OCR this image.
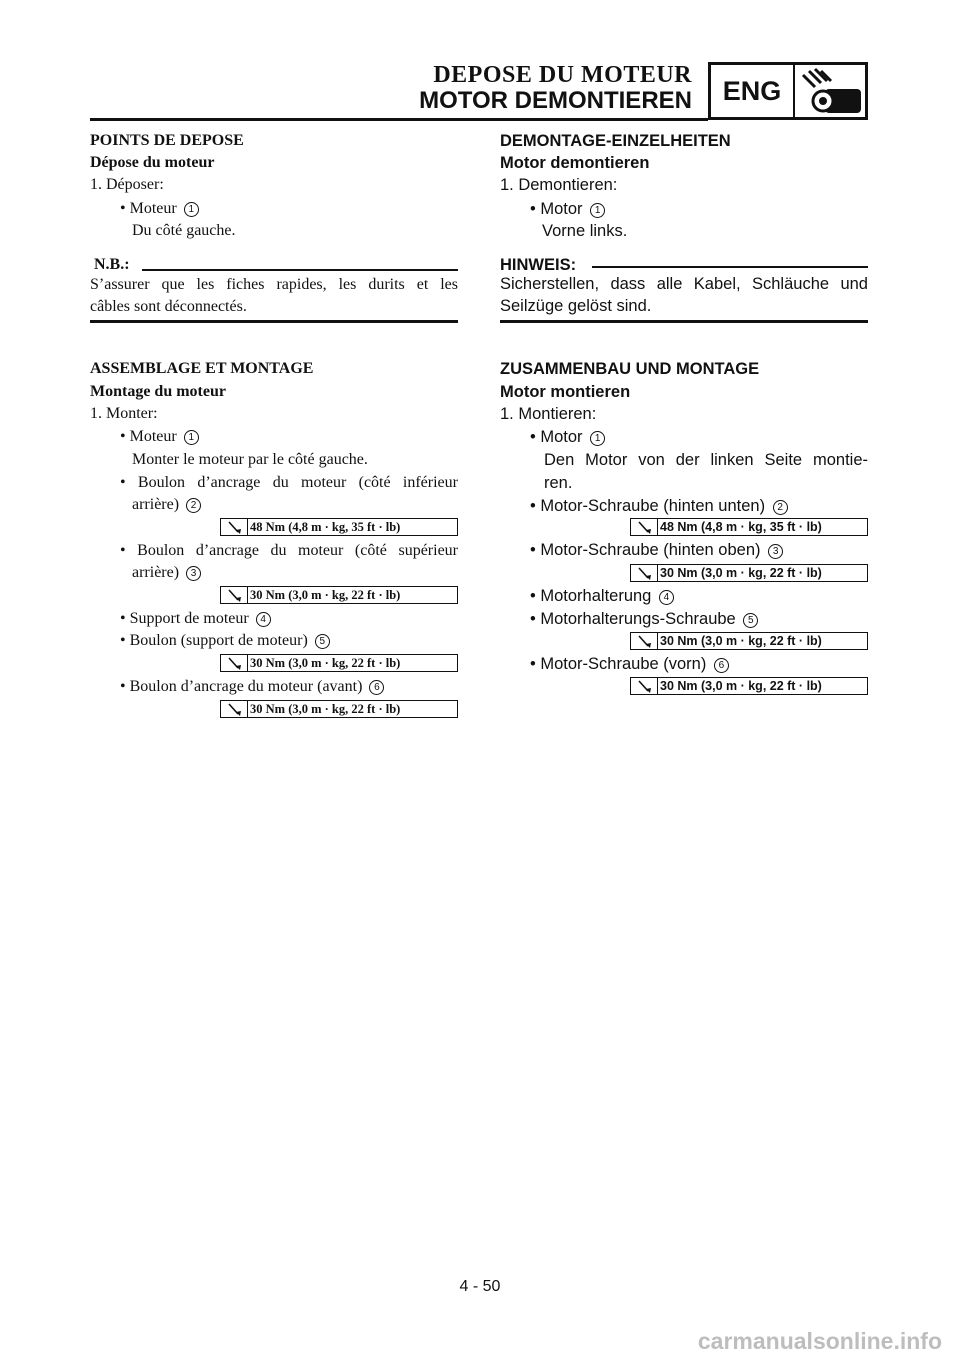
DEPOSE DU MOTEUR
MOTOR DEMONTIEREN	ENG
POINTS DE DEPOSE
Dépose du moteur
1. Déposer:
• Moteur 1
Du côté gauche.
N.B.:
S’assurer que les fiches rapides, les durits et les
câbles sont déconnectés.
ASSEMBLAGE ET MONTAGE
Montage du moteur
1. Monter:
• Moteur 1
Monter le moteur par le côté gauche.
• Boulon d’ancrage du moteur (côté inférieur
arrière) 2
48 Nm (4,8 m · kg, 35 ft · lb)
• Boulon d’ancrage du moteur (côté supérieur
arrière) 3
30 Nm (3,0 m · kg, 22 ft · lb)
• Support de moteur 4
• Boulon (support de moteur) 5
30 Nm (3,0 m · kg, 22 ft · lb)
• Boulon d’ancrage du moteur (avant) 6
30 Nm (3,0 m · kg, 22 ft · lb)
DEMONTAGE-EINZELHEITEN
Motor demontieren
1. Demontieren:
• Motor 1
Vorne links.
HINWEIS:
Sicherstellen, dass alle Kabel, Schläuche und
Seilzüge gelöst sind.
ZUSAMMENBAU UND MONTAGE
Motor montieren
1. Montieren:
• Motor 1
Den Motor von der linken Seite montie-
ren.
• Motor-Schraube (hinten unten) 2
48 Nm (4,8 m · kg, 35 ft · lb)
• Motor-Schraube (hinten oben) 3
30 Nm (3,0 m · kg, 22 ft · lb)
• Motorhalterung 4
• Motorhalterungs-Schraube 5
30 Nm (3,0 m · kg, 22 ft · lb)
• Motor-Schraube (vorn) 6
30 Nm (3,0 m · kg, 22 ft · lb)
4 - 50
carmanualsonline.info
